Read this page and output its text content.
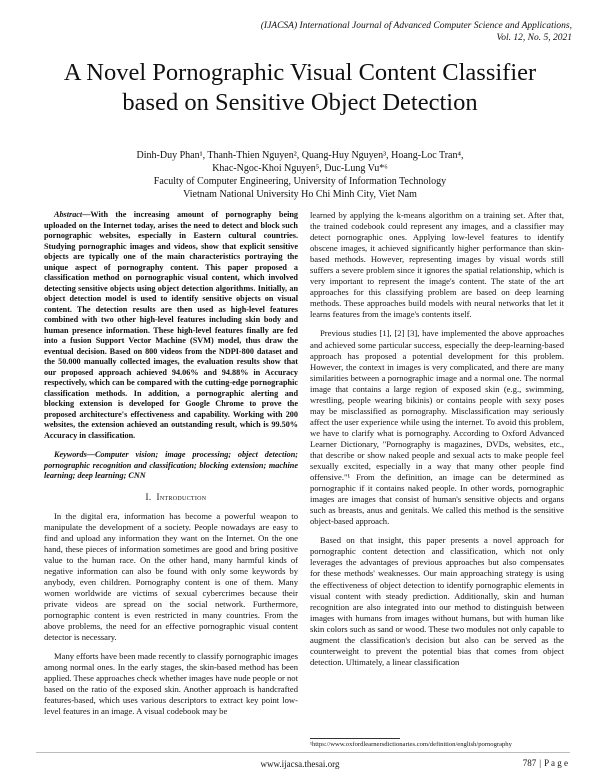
(IJACSA) International Journal of Advanced Computer Science and Applications,
Vol. 12, No. 5, 2021
A Novel Pornographic Visual Content Classifier
based on Sensitive Object Detection
Dinh-Duy Phan¹, Thanh-Thien Nguyen², Quang-Huy Nguyen³, Hoang-Loc Tran⁴,
Khac-Ngoc-Khoi Nguyen⁵, Duc-Lung Vu*⁶
Faculty of Computer Engineering, University of Information Technology
Vietnam National University Ho Chi Minh City, Viet Nam

Abstract—With the increasing amount of pornography being uploaded on the Internet today, arises the need to detect and block such pornographic websites, especially in Eastern cultural countries. Studying pornographic images and videos, show that explicit sensitive objects are typically one of the main characteristics portraying the unique aspect of pornography content. This paper proposed a classification method on pornographic visual content, which involved detecting sensitive objects using object detection algorithms. Initially, an object detection model is used to identify sensitive objects on visual content. The detection results are then used as high-level features combined with two other high-level features including skin body and human presence information. These high-level features finally are fed into a fusion Support Vector Machine (SVM) model, thus draw the eventual decision. Based on 800 videos from the NDPI-800 dataset and the 50.000 manually collected images, the evaluation results show that our proposed approach achieved 94.06% and 94.88% in Accuracy respectively, which can be compared with the cutting-edge pornographic classification methods. In addition, a pornographic alerting and blocking extension is developed for Google Chrome to prove the proposed architecture's effectiveness and capability. Working with 200 websites, the extension achieved an outstanding result, which is 99.50% Accuracy in classification.

Keywords—Computer vision; image processing; object detection; pornographic recognition and classification; blocking extension; machine learning; deep learning; CNN

I. Introduction

In the digital era, information has become a powerful weapon to manipulate the development of a society. People nowadays are easy to find and upload any information they want on the Internet. On the one hand, these pieces of information sometimes are good and bring positive value to the human race. On the other hand, many harmful kinds of negative information can also be found with only some keywords by anybody, even children. Pornography content is one of them. Many women worldwide are victims of sexual cybercrimes because their private videos are spread on the social network. Furthermore, pornographic content is even restricted in many countries. From the above problems, the need for an effective pornographic visual content detector is necessary.

Many efforts have been made recently to classify pornographic images among normal ones. In the early stages, the skin-based method has been applied. These approaches check whether images have nude people or not based on the ratio of the exposed skin. Another approach is handcrafted features-based, which uses various descriptors to extract key point low-level features in an image. A visual codebook may be

learned by applying the k-means algorithm on a training set. After that, the trained codebook could represent any images, and a classifier may detect pornographic ones. Applying low-level features to identify obscene images, it achieved significantly higher performance than skin-based methods. However, representing images by visual words still suffers a severe problem since it ignores the spatial relationship, which is very important to represent the image's content. The state of the art approaches for this classifying problem are based on deep learning methods. These approaches build models with neural networks that let it learns features from the image's contents itself.

Previous studies [1], [2] [3], have implemented the above approaches and achieved some particular success, especially the deep-learning-based approach has proposed a potential development for this problem. However, the context in images is very complicated, and there are many similarities between a pornographic image and a normal one. The normal image that contains a large region of exposed skin (e.g., swimming, wrestling, people wearing bikinis) or contains people with sexy poses may be misclassified as pornography. Misclassification may seriously affect the user experience while using the internet. To avoid this problem, we have to clarify what is pornography. According to Oxford Advanced Learner Dictionary, "Pornography is magazines, DVDs, websites, etc., that describe or show naked people and sexual acts to make people feel sexually excited, especially in a way that many other people find offensive."¹ From the definition, an image can be determined as pornographic if it contains naked people. In other words, pornographic images are images that consist of human's sensitive objects and organs such as breasts, anus and genitals. We called this method is the sensitive object-based approach.

Based on that insight, this paper presents a novel approach for pornographic content detection and classification, which not only leverages the advantages of previous approaches but also compensates for these methods' weaknesses. Our main approaching strategy is using the effectiveness of object detection to identify pornographic elements in visual content with steady prediction. Additionally, skin and human recognition are also integrated into our method to distinguish between images with humans from images without humans, but with human like skin colors such as sand or wood. These two modules not only capable to augment the classification's decision but also can be served as the counterweight to prevent the potential bias that comes from object detection. Ultimately, a linear classification

¹https://www.oxfordlearnersdictionaries.com/definition/english/pornography
www.ijacsa.thesai.org	787 | P a g e
